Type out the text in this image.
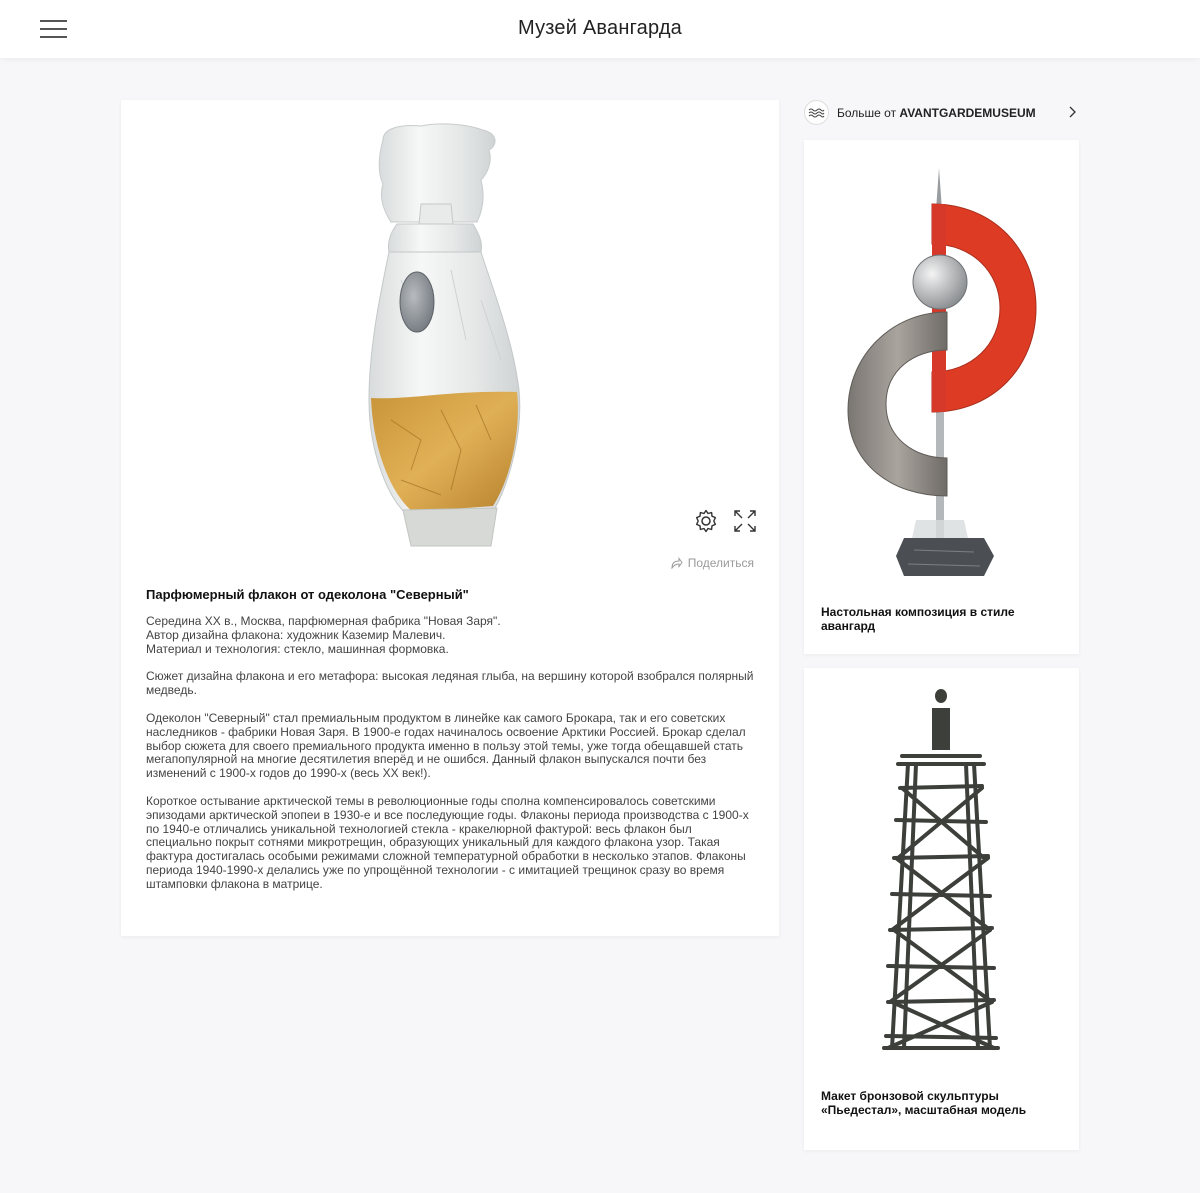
Музей Авангарда
Поделиться
Парфюмерный флакон от одеколона "Северный"

Середина XX в., Москва, парфюмерная фабрика "Новая Заря".
Автор дизайна флакона: художник Каземир Малевич.
Материал и технология: стекло, машинная формовка.

Сюжет дизайна флакона и его метафора: высокая ледяная глыба, на вершину которой взобрался полярный медведь.

Одеколон "Северный" стал премиальным продуктом в линейке как самого Брокара, так и его советских наследников - фабрики Новая Заря. В 1900-е годах начиналось освоение Арктики Россией. Брокар сделал выбор сюжета для своего премиального продукта именно в пользу этой темы, уже тогда обещавшей стать мегапопулярной на многие десятилетия вперёд и не ошибся. Данный флакон выпускался почти без изменений с 1900-х годов до 1990-х (весь XX век!).

Короткое остывание арктической темы в революционные годы сполна компенсировалось советскими эпизодами арктической эпопеи в 1930-е и все последующие годы. Флаконы периода производства с 1900-х по 1940-е отличались уникальной технологией стекла - кракелюрной фактурой: весь флакон был специально покрыт сотнями микротрещин, образующих уникальный для каждого флакона узор. Такая фактура достигалась особыми режимами сложной температурной обработки в несколько этапов. Флаконы периода 1940-1990-х делались уже по упрощённой технологии - с имитацией трещинок сразу во время штамповки флакона в матрице.

Больше от AVANTGARDEMUSEUM
Настольная композиция в стиле авангард
Макет бронзовой скульптуры «Пьедестал», масштабная модель
